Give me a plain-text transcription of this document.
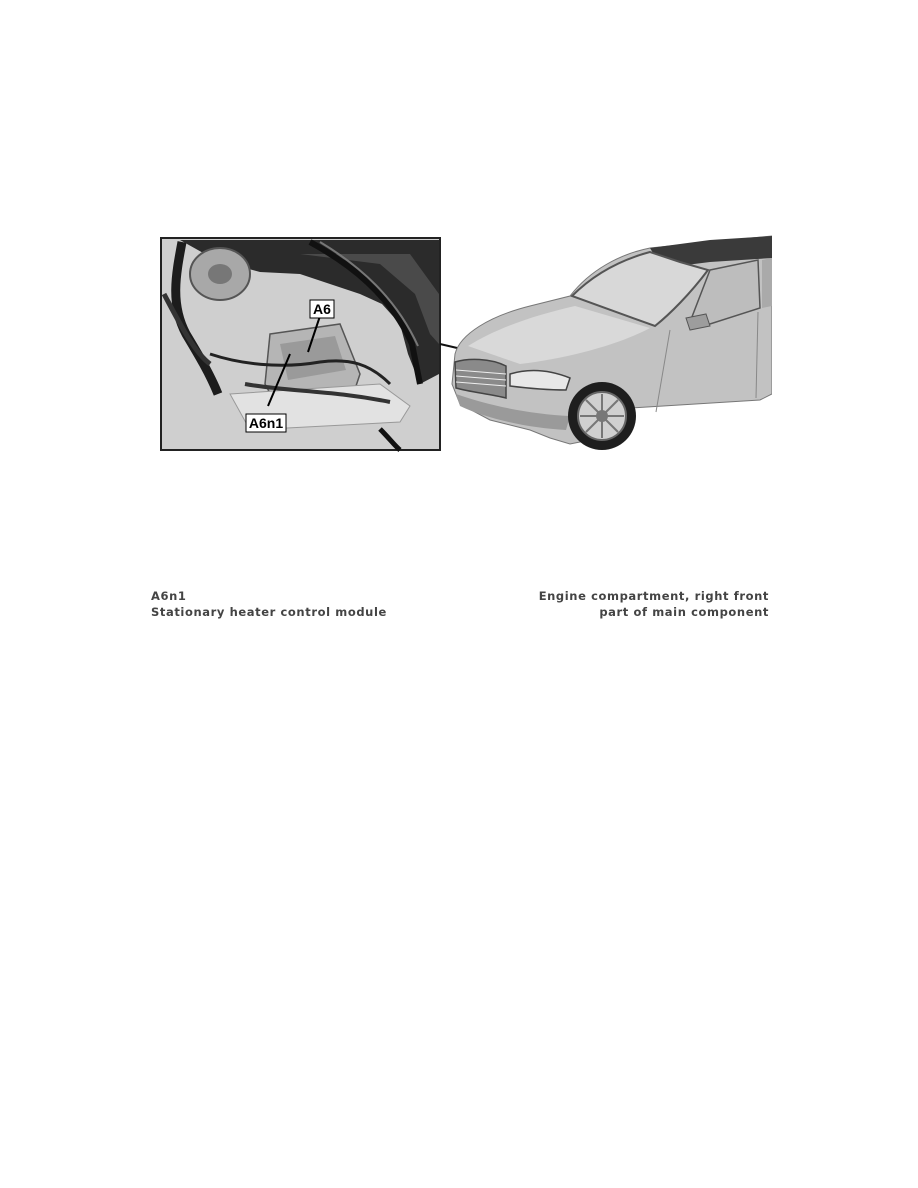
A6
A6n1
A6n1
Stationary heater control module
Engine compartment, right front
part of main component
